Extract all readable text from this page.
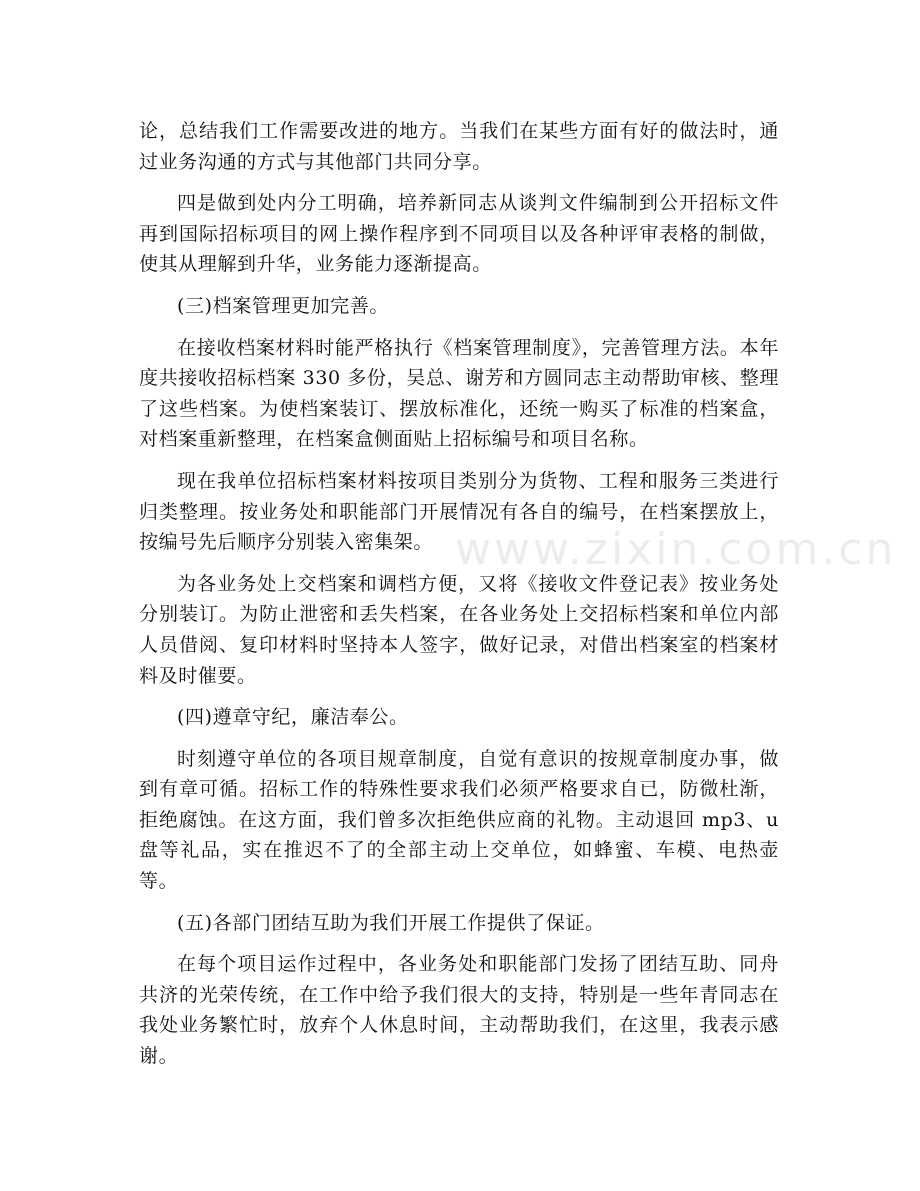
www.zixin.com.cn

论，总结我们工作需要改进的地方。当我们在某些方面有好的做法时，通过业务沟通的方式与其他部门共同分享。

四是做到处内分工明确，培养新同志从谈判文件编制到公开招标文件再到国际招标项目的网上操作程序到不同项目以及各种评审表格的制做，使其从理解到升华，业务能力逐渐提高。

(三)档案管理更加完善。

在接收档案材料时能严格执行《档案管理制度》，完善管理方法。本年度共接收招标档案 330 多份，吴总、谢芳和方圆同志主动帮助审核、整理了这些档案。为使档案装订、摆放标准化，还统一购买了标准的档案盒，对档案重新整理，在档案盒侧面贴上招标编号和项目名称。

现在我单位招标档案材料按项目类别分为货物、工程和服务三类进行归类整理。按业务处和职能部门开展情况有各自的编号，在档案摆放上，按编号先后顺序分别装入密集架。

为各业务处上交档案和调档方便，又将《接收文件登记表》按业务处分别装订。为防止泄密和丢失档案，在各业务处上交招标档案和单位内部人员借阅、复印材料时坚持本人签字，做好记录，对借出档案室的档案材料及时催要。

(四)遵章守纪，廉洁奉公。

时刻遵守单位的各项目规章制度，自觉有意识的按规章制度办事，做到有章可循。招标工作的特殊性要求我们必须严格要求自已，防微杜渐，拒绝腐蚀。在这方面，我们曾多次拒绝供应商的礼物。主动退回 mp3、u 盘等礼品，实在推迟不了的全部主动上交单位，如蜂蜜、车模、电热壶等。

(五)各部门团结互助为我们开展工作提供了保证。

在每个项目运作过程中，各业务处和职能部门发扬了团结互助、同舟共济的光荣传统，在工作中给予我们很大的支持，特别是一些年青同志在我处业务繁忙时，放弃个人休息时间，主动帮助我们，在这里，我表示感谢。
